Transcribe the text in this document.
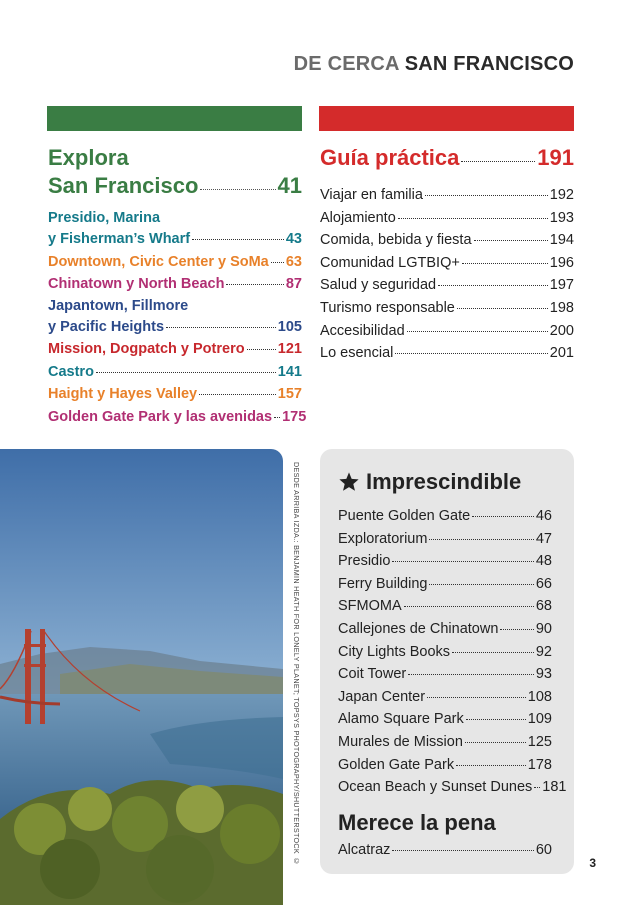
DE CERCA SAN FRANCISCO
Explora
San Francisco	41
Presidio, Marina
y Fisherman’s Wharf	43
Downtown, Civic Center y SoMa 63
Chinatown y North Beach	87
Japantown, Fillmore
y Pacific Heights	105
Mission, Dogpatch y Potrero 121
Castro	141
Haight y Hayes Valley	157
Golden Gate Park y las avenidas 175
Guía práctica	191
Viajar en familia	192
Alojamiento	193
Comida, bebida y fiesta	194
Comunidad LGTBIQ+	196
Salud y seguridad	197
Turismo responsable	198
Accesibilidad	200
Lo esencial	201
DESDE ARRIBA IZDA.: BENJAMIN HEATH FOR LONELY PLANET; TOPSYS PHOTOGRAPHY/SHUTTERSTOCK ©	Imprescindible
Puente Golden Gate	46
Exploratorium	47
Presidio	48
Ferry Building	66
SFMOMA	68
Callejones de Chinatown	90
City Lights Books	92
Coit Tower	93
Japan Center	108
Alamo Square Park	109
Murales de Mission	125
Golden Gate Park	178
Ocean Beach y Sunset Dunes 181
Merece la pena
Alcatraz	60
3
